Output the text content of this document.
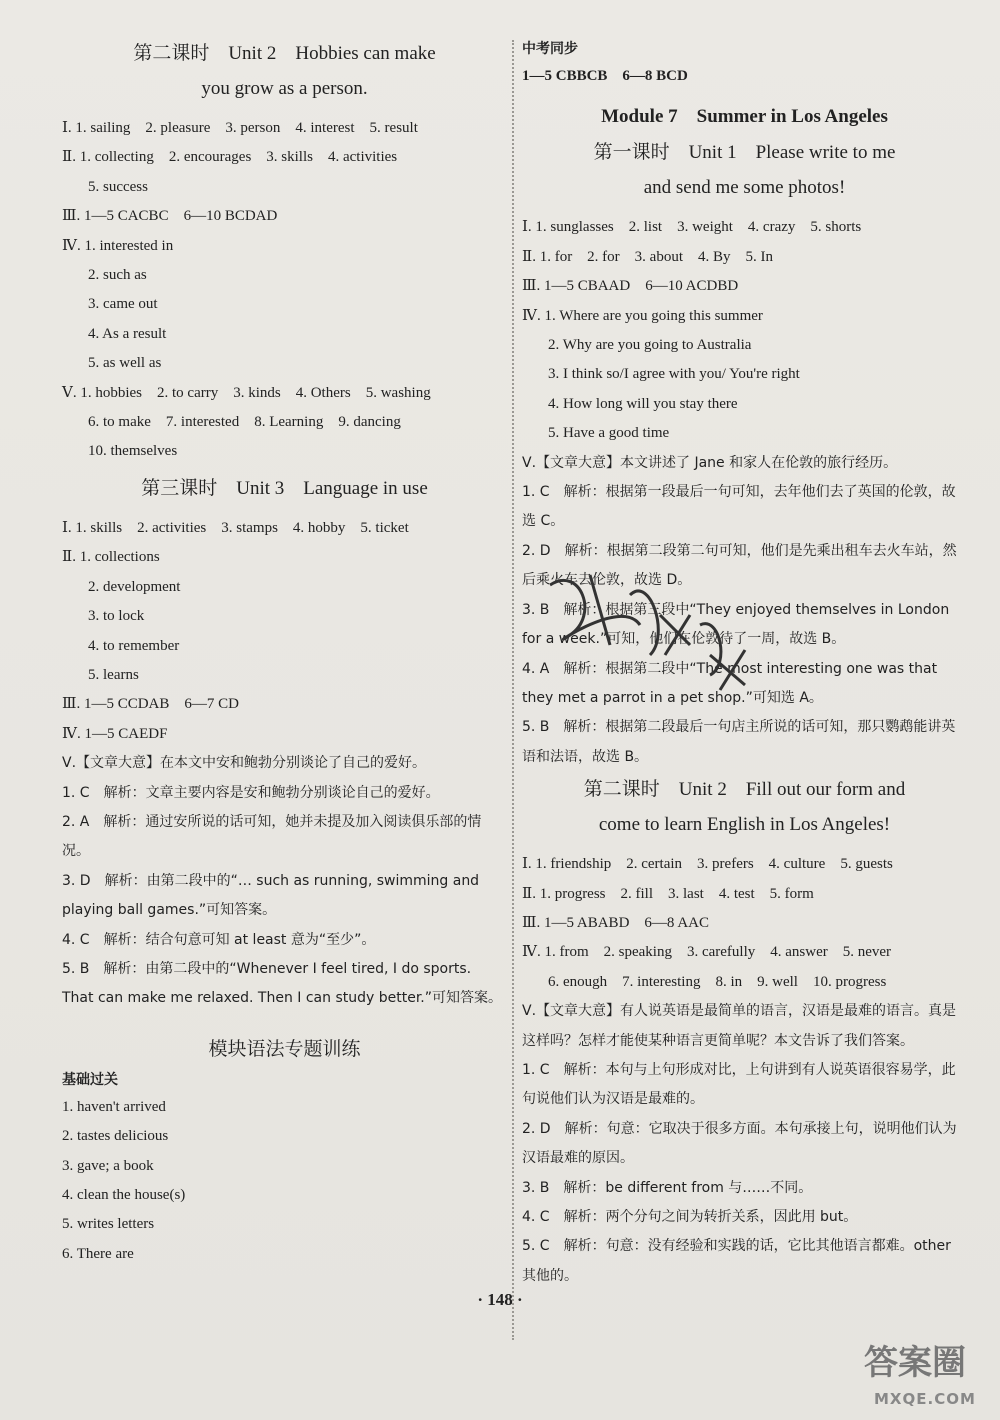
第二课时　Unit 2　Hobbies can make

you grow as a person.

Ⅰ. 1. sailing　2. pleasure　3. person　4. interest　5. result
Ⅱ. 1. collecting　2. encourages　3. skills　4. activities
5. success
Ⅲ. 1—5 CACBC　6—10 BCDAD
Ⅳ. 1. interested in
2. such as
3. came out
4. As a result
5. as well as
Ⅴ. 1. hobbies　2. to carry　3. kinds　4. Others　5. washing
6. to make　7. interested　8. Learning　9. dancing
10. themselves

第三课时　Unit 3　Language in use

Ⅰ. 1. skills　2. activities　3. stamps　4. hobby　5. ticket
Ⅱ. 1. collections
2. development
3. to lock
4. to remember
5. learns
Ⅲ. 1—5 CCDAB　6—7 CD
Ⅳ. 1—5 CAEDF
Ⅴ.【文章大意】在本文中安和鲍勃分别谈论了自己的爱好。
1. C　解析：文章主要内容是安和鲍勃分别谈论自己的爱好。
2. A　解析：通过安所说的话可知，她并未提及加入阅读俱乐部的情况。
3. D　解析：由第二段中的“… such as running, swimming and playing ball games.”可知答案。
4. C　解析：结合句意可知 at least 意为“至少”。
5. B　解析：由第二段中的“Whenever I feel tired, I do sports. That can make me relaxed. Then I can study better.”可知答案。

模块语法专题训练

基础过关
1. haven't arrived
2. tastes delicious
3. gave; a book
4. clean the house(s)
5. writes letters
6. There are
中考同步
1—5 CBBCB　6—8 BCD

Module 7　Summer in Los Angeles

第一课时　Unit 1　Please write to me

and send me some photos!

Ⅰ. 1. sunglasses　2. list　3. weight　4. crazy　5. shorts
Ⅱ. 1. for　2. for　3. about　4. By　5. In
Ⅲ. 1—5 CBAAD　6—10 ACDBD
Ⅳ. 1. Where are you going this summer
2. Why are you going to Australia
3. I think so/I agree with you/ You're right
4. How long will you stay there
5. Have a good time
Ⅴ.【文章大意】本文讲述了 Jane 和家人在伦敦的旅行经历。
1. C　解析：根据第一段最后一句可知，去年他们去了英国的伦敦，故选 C。
2. D　解析：根据第二段第二句可知，他们是先乘出租车去火车站，然后乘火车去伦敦，故选 D。
3. B　解析：根据第三段中“They enjoyed themselves in London for a week.”可知，他们在伦敦待了一周，故选 B。
4. A　解析：根据第二段中“The most interesting one was that they met a parrot in a pet shop.”可知选 A。
5. B　解析：根据第二段最后一句店主所说的话可知，那只鹦鹉能讲英语和法语，故选 B。

第二课时　Unit 2　Fill out our form and

come to learn English in Los Angeles!

Ⅰ. 1. friendship　2. certain　3. prefers　4. culture　5. guests
Ⅱ. 1. progress　2. fill　3. last　4. test　5. form
Ⅲ. 1—5 ABABD　6—8 AAC
Ⅳ. 1. from　2. speaking　3. carefully　4. answer　5. never
6. enough　7. interesting　8. in　9. well　10. progress
Ⅴ.【文章大意】有人说英语是最简单的语言，汉语是最难的语言。真是这样吗？怎样才能使某种语言更简单呢？本文告诉了我们答案。
1. C　解析：本句与上句形成对比，上句讲到有人说英语很容易学，此句说他们认为汉语是最难的。
2. D　解析：句意：它取决于很多方面。本句承接上句，说明他们认为汉语最难的原因。
3. B　解析：be different from 与……不同。
4. C　解析：两个分句之间为转折关系，因此用 but。
5. C　解析：句意：没有经验和实践的话，它比其他语言都难。other 其他的。
· 148 ·
答案圈
MXQE.COM
